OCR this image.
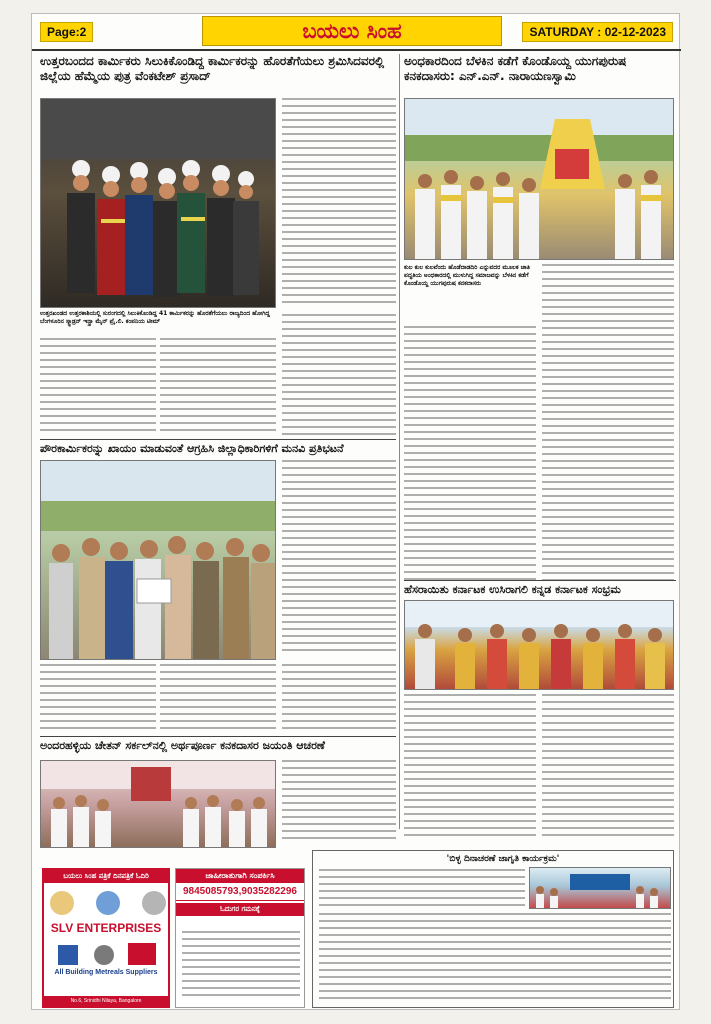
Page:2	ಬಯಲು ಸಿಂಹ	SATURDAY : 02-12-2023
ಉತ್ತರಬಂದದ ಕಾರ್ಮಿಕರು ಸಿಲುಕಿಕೊಂಡಿದ್ದ ಕಾರ್ಮಿಕರನ್ನು ಹೊರತೆಗೆಯಲು ಶ್ರಮಿಸಿದವರಲ್ಲಿ ಜಿಲ್ಲೆಯ ಹೆಮ್ಮೆಯ ಪುತ್ರ ವೆಂಕಟೇಶ್ ಪ್ರಸಾದ್
ಉತ್ತರಖಂಡದ ಉತ್ತರಕಾಶಿಯಲ್ಲಿ ಸುರಂಗದಲ್ಲಿ ಸಿಲುಕಿಕೊಂಡಿದ್ದ 41 ಕಾರ್ಮಿಕರನ್ನು ಹೊರತೆಗೆಯಲು ರಾಜ್ಯದಿಂದ ಹೋಗಿದ್ದ ಬೆಂಗಳೂರಿನ ಸ್ಕ್ವಾಡ್ರನ್ ಇನ್ಫ್ರಾ ಮೈನ್ ಪ್ರೈ.ಲಿ. ಕಂಪನಿಯ ಟೀಮ್
ಪೌರಕಾರ್ಮಿಕರನ್ನು ಖಾಯಂ ಮಾಡುವಂತೆ ಆಗ್ರಹಿಸಿ ಜಿಲ್ಲಾಧಿಕಾರಿಗಳಿಗೆ ಮನವಿ ಪ್ರತಿಭಟನೆ
ಅಂದರಹಳ್ಳಿಯ ಚೇತನ್ ಸರ್ಕಲ್‌ನಲ್ಲಿ ಅರ್ಥಪೂರ್ಣ ಕನಕದಾಸರ ಜಯಂತಿ ಆಚರಣೆ
ಅಂಧಕಾರದಿಂದ ಬೆಳಕಿನ ಕಡೆಗೆ ಕೊಂಡೊಯ್ದ ಯುಗಪುರುಷ ಕನಕದಾಸರು: ಎನ್.ಎನ್. ನಾರಾಯಣಸ್ವಾಮಿ
ಕುಲ ಕುಲ ಕುಲವೆಂದು ಹೊಡೆದಾಡದಿರಿ ಎನ್ನುವದರ ಮೂಲಕ ಜಾತಿ ಪದ್ಧತಿಯ ಅಂಧಕಾರದಲ್ಲಿ ಮುಳುಗಿದ್ದ ಸಮಾಜವನ್ನು ಬೆಳಕಿನ ಕಡೆಗೆ ಕೊಂಡೊಯ್ದ ಯುಗಪುರುಷ ಕನಕದಾಸರು
ಹೆಸರಾಯಿತು ಕರ್ನಾಟಕ ಉಸಿರಾಗಲಿ ಕನ್ನಡ ಕರ್ನಾಟಕ ಸಂಭ್ರಮ
'ಬಿಳ್ಳ ದಿನಾಚರಣೆ ಜಾಗೃತಿ ಕಾರ್ಯಕ್ರಮ'
ಬಯಲು ಸಿಂಹ ಪತ್ರಿಕೆ ದಿನಪತ್ರಿಕೆ ಓದಿರಿ
SLV ENTERPRISES
All Building Metreals Suppliers
No.6, Srinidhi Nilaya, Bangalore
ಜಾಹೀರಾತುಗಾಗಿ ಸಂಪರ್ಕಿಸಿ
9845085793,9035282296
ಓದುಗರ ಗಮನಕ್ಕೆ
